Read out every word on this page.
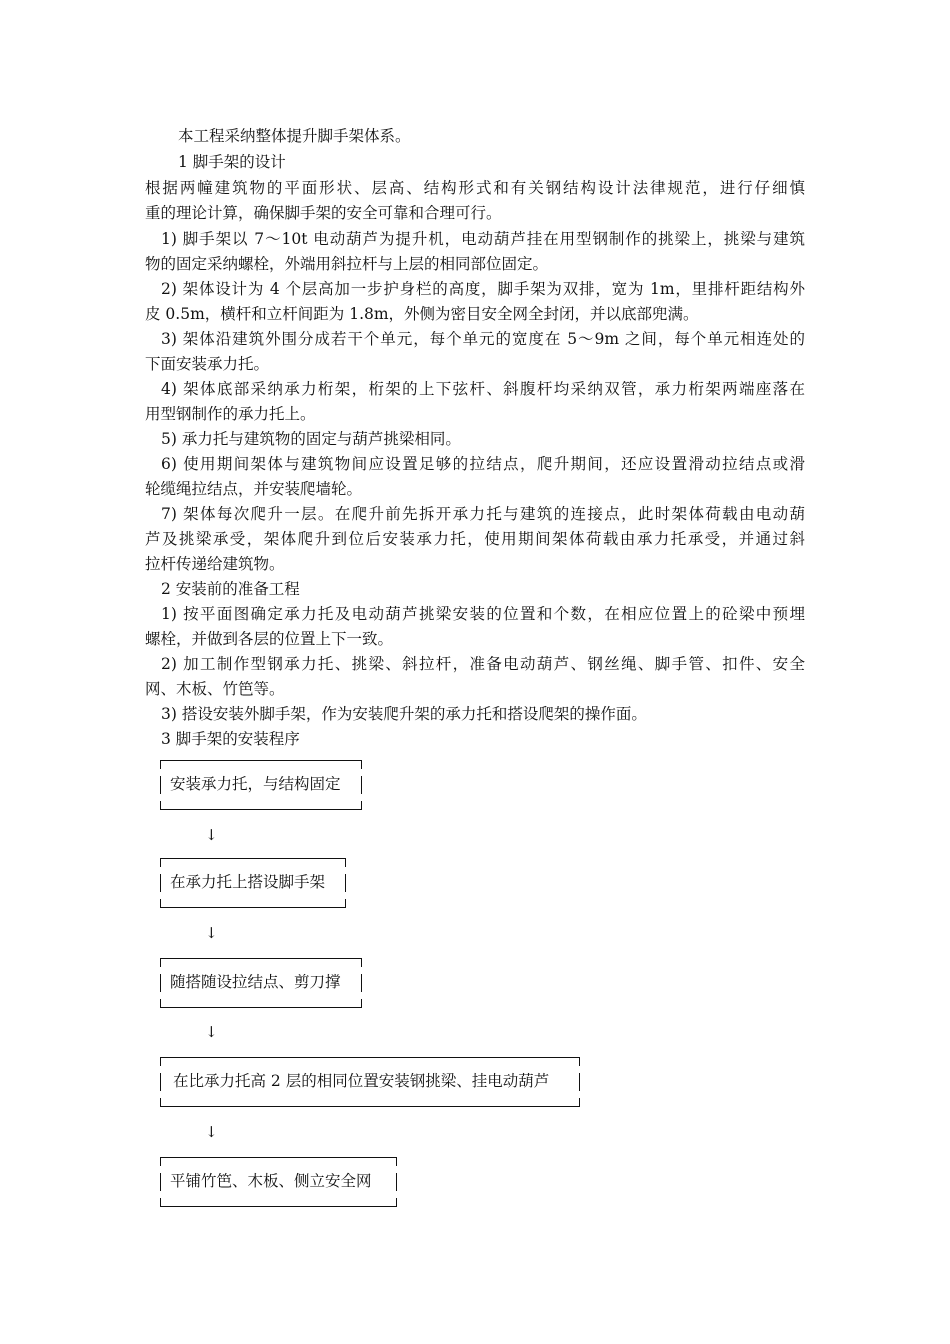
本工程采纳整体提升脚手架体系。
1 脚手架的设计
根据两幢建筑物的平面形状、层高、结构形式和有关钢结构设计法律规范，进行仔细慎
重的理论计算，确保脚手架的安全可靠和合理可行。
1) 脚手架以 7～10t 电动葫芦为提升机，电动葫芦挂在用型钢制作的挑梁上，挑梁与建筑
物的固定采纳螺栓，外端用斜拉杆与上层的相同部位固定。
2) 架体设计为 4 个层高加一步护身栏的高度，脚手架为双排，宽为 1m，里排杆距结构外
皮 0.5m，横杆和立杆间距为 1.8m，外侧为密目安全网全封闭，并以底部兜满。
3) 架体沿建筑外围分成若干个单元，每个单元的宽度在 5～9m 之间，每个单元相连处的
下面安装承力托。
4) 架体底部采纳承力桁架，桁架的上下弦杆、斜腹杆均采纳双管，承力桁架两端座落在
用型钢制作的承力托上。
5) 承力托与建筑物的固定与葫芦挑梁相同。
6) 使用期间架体与建筑物间应设置足够的拉结点，爬升期间，还应设置滑动拉结点或滑
轮缆绳拉结点，并安装爬墙轮。
7) 架体每次爬升一层。在爬升前先拆开承力托与建筑的连接点，此时架体荷载由电动葫
芦及挑梁承受，架体爬升到位后安装承力托，使用期间架体荷载由承力托承受，并通过斜
拉杆传递给建筑物。
2 安装前的准备工程
1) 按平面图确定承力托及电动葫芦挑梁安装的位置和个数，在相应位置上的砼梁中预埋
螺栓，并做到各层的位置上下一致。
2) 加工制作型钢承力托、挑梁、斜拉杆，准备电动葫芦、钢丝绳、脚手管、扣件、安全
网、木板、竹笆等。
3) 搭设安装外脚手架，作为安装爬升架的承力托和搭设爬架的操作面。
3 脚手架的安装程序
安装承力托，与结构固定
↓
在承力托上搭设脚手架
↓
随搭随设拉结点、剪刀撑
↓
在比承力托高 2 层的相同位置安装钢挑梁、挂电动葫芦
↓
平铺竹笆、木板、侧立安全网
